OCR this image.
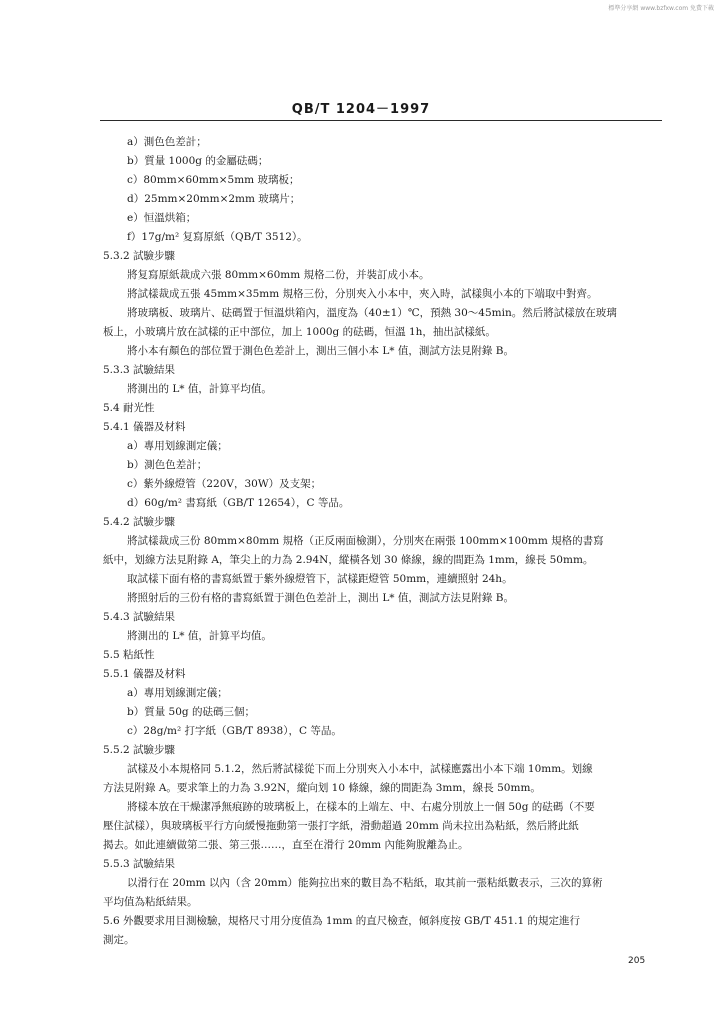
標準分享網 www.bzfxw.com 免費下載
QB/T 1204－1997
a）測色色差計；
b）質量 1000g 的金屬砝碼；
c）80mm×60mm×5mm 玻璃板；
d）25mm×20mm×2mm 玻璃片；
e）恒溫烘箱；
f）17g/m² 复寫原紙（QB/T 3512）。
5.3.2 試驗步驟
將复寫原紙裁成六張 80mm×60mm 規格二份，并裝訂成小本。
將試樣裁成五張 45mm×35mm 規格三份，分別夾入小本中，夾入時，試樣與小本的下端取中對齊。
將玻璃板、玻璃片、砝碼置于恒溫烘箱內，溫度為（40±1）℃，預熱 30～45min。然后將試樣放在玻璃
板上，小玻璃片放在試樣的正中部位，加上 1000g 的砝碼，恒溫 1h，抽出試樣紙。
將小本有顏色的部位置于測色色差計上，測出三個小本 L* 值，測試方法見附錄 B。
5.3.3 試驗結果
將測出的 L* 值，計算平均值。
5.4 耐光性
5.4.1 儀器及材料
a）專用划線測定儀；
b）測色色差計；
c）紫外線燈管（220V，30W）及支架；
d）60g/m² 書寫紙（GB/T 12654），C 等品。
5.4.2 試驗步驟
將試樣裁成三份 80mm×80mm 規格（正反兩面檢測），分別夾在兩張 100mm×100mm 規格的書寫
紙中，划線方法見附錄 A，筆尖上的力為 2.94N，縱橫各划 30 條線，線的間距為 1mm，線長 50mm。
取試樣下面有格的書寫紙置于紫外線燈管下，試樣距燈管 50mm，連續照射 24h。
將照射后的三份有格的書寫紙置于測色色差計上，測出 L* 值，測試方法見附錄 B。
5.4.3 試驗結果
將測出的 L* 值，計算平均值。
5.5 粘紙性
5.5.1 儀器及材料
a）專用划線測定儀；
b）質量 50g 的砝碼三個；
c）28g/m² 打字紙（GB/T 8938），C 等品。
5.5.2 試驗步驟
試樣及小本規格同 5.1.2，然后將試樣從下而上分別夾入小本中，試樣應露出小本下端 10mm。划線
方法見附錄 A。要求筆上的力為 3.92N，縱向划 10 條線，線的間距為 3mm，線長 50mm。
將樣本放在干燥潔凈無痕跡的玻璃板上，在樣本的上端左、中、右處分別放上一個 50g 的砝碼（不要
壓住試樣），與玻璃板平行方向緩慢拖動第一張打字紙，滑動超過 20mm 尚未拉出為粘紙，然后將此紙
揭去。如此連續做第二張、第三張……，直至在滑行 20mm 內能夠脫離為止。
5.5.3 試驗結果
以滑行在 20mm 以內（含 20mm）能夠拉出來的數目為不粘紙，取其前一張粘紙數表示，三次的算術
平均值為粘紙結果。
5.6 外觀要求用目測檢驗，規格尺寸用分度值為 1mm 的直尺檢查，傾斜度按 GB/T 451.1 的規定進行
測定。
205
